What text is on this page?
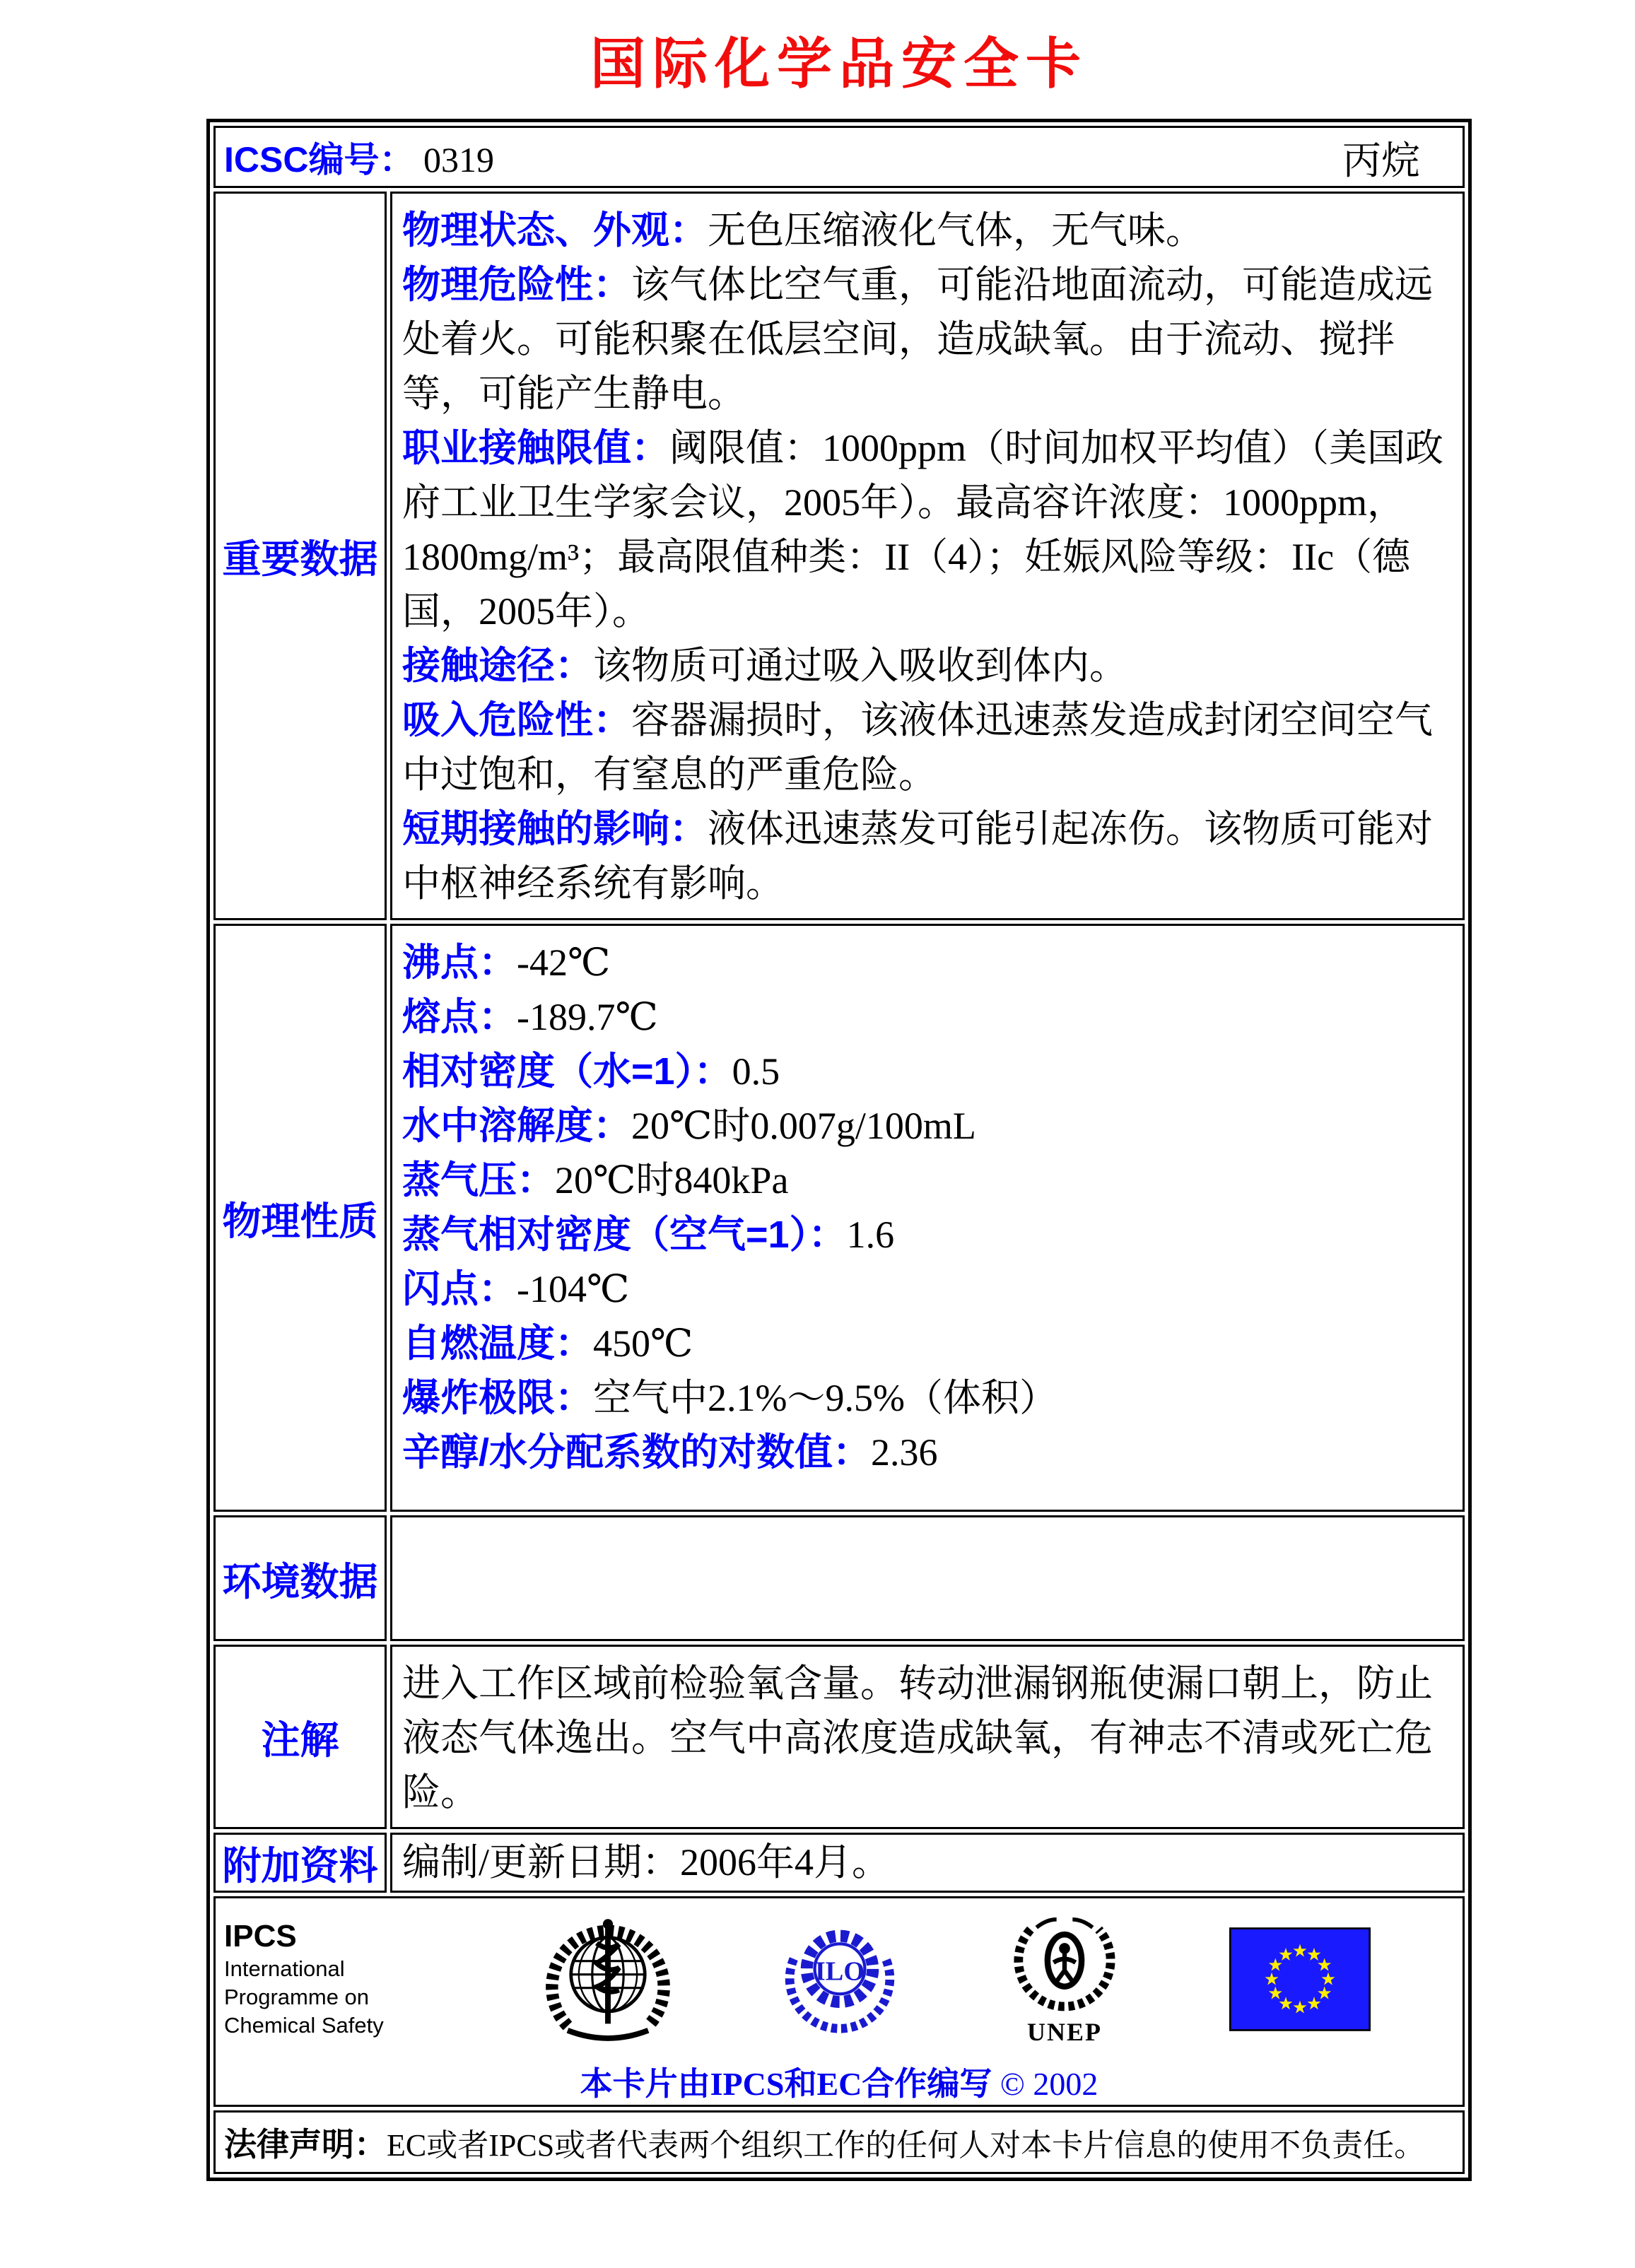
国际化学品安全卡
ICSC编号： 0319 丙烷	

重要数据	
物理状态、外观：无色压缩液化气体，无气味。
物理危险性：该气体比空气重，可能沿地面流动，可能造成远处着火。可能积聚在低层空间，造成缺氧。由于流动、搅拌等，可能产生静电。
职业接触限值：阈限值：1000ppm（时间加权平均值）（美国政府工业卫生学家会议，2005年）。最高容许浓度：1000ppm，1800mg/m³；最高限值种类：II（4）；妊娠风险等级：IIc（德国，2005年）。
接触途径：该物质可通过吸入吸收到体内。
吸入危险性：容器漏损时，该液体迅速蒸发造成封闭空间空气中过饱和，有窒息的严重危险。
短期接触的影响：液体迅速蒸发可能引起冻伤。该物质可能对中枢神经系统有影响。

物理性质	
沸点：-42℃
熔点：-189.7℃
相对密度（水=1）：0.5
水中溶解度：20℃时0.007g/100mL
蒸气压：20℃时840kPa
蒸气相对密度（空气=1）：1.6
闪点：-104℃
自燃温度：450℃
爆炸极限：空气中2.1%～9.5%（体积）
辛醇/水分配系数的对数值：2.36

环境数据	
注解	进入工作区域前检验氧含量。转动泄漏钢瓶使漏口朝上，防止液态气体逸出。空气中高浓度造成缺氧，有神志不清或死亡危险。
附加资料	编制/更新日期：2006年4月。

IPCS
International
Programme on
Chemical Safety
ILO
UNEP
本卡片由IPCS和EC合作编写 © 2002

法律声明：EC或者IPCS或者代表两个组织工作的任何人对本卡片信息的使用不负责任。	
